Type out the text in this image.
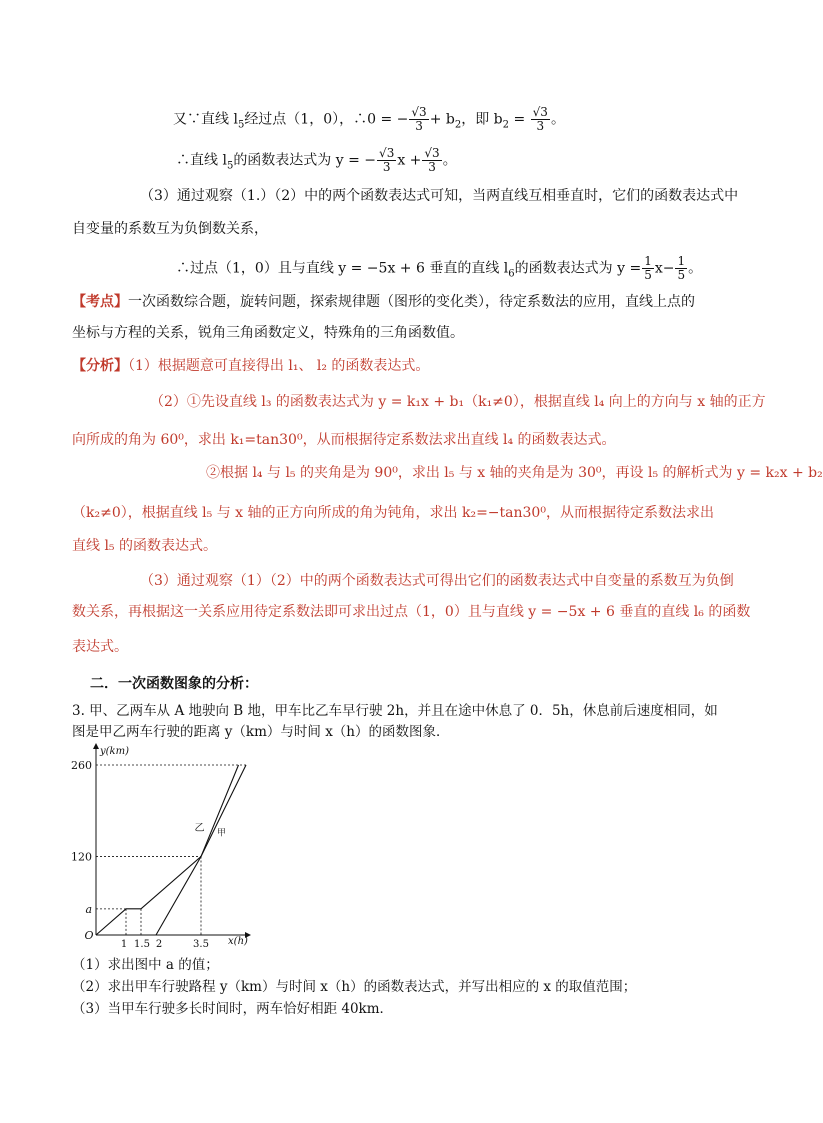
又∵直线 $l_5$经过点（1，0），∴0 = − $\frac{√3}{3} + b_2$，即 $b_2 = \frac{√3}{3}$ 。
∴直线 $l_5$的函数表达式为 y = − $\frac{√3}{3}$ $x + \frac{√3}{3}$ 。
（3）通过观察（1.）（2）中的两个函数表达式可知，当两直线互相垂直时，它们的函数表达式中
自变量的系数互为负倒数关系，
∴过点（1，0）且与直线 y = −5x + 6 垂直的直线 $l_6$的函数表达式为 $y = \frac{1}{5} x- \frac{1}{5}$ 。
【考点】一次函数综合题，旋转问题，探索规律题（图形的变化类），待定系数法的应用，直线上点的
坐标与方程的关系，锐角三角函数定义，特殊角的三角函数值。
【分析】（1）根据题意可直接得出 l₁、 l₂ 的函数表达式。
（2）①先设直线 l₃ 的函数表达式为 y = k₁x + b₁（k₁≠0），根据直线 l₄ 向上的方向与 x 轴的正方
向所成的角为 60⁰，求出 k₁=tan30⁰，从而根据待定系数法求出直线 l₄ 的函数表达式。
②根据 l₄ 与 l₅ 的夹角是为 90⁰，求出 l₅ 与 x 轴的夹角是为 30⁰，再设 l₅ 的解析式为 y = k₂x + b₂
（k₂≠0），根据直线 l₅ 与 x 轴的正方向所成的角为钝角，求出 k₂=−tan30⁰，从而根据待定系数法求出
直线 l₅ 的函数表达式。
（3）通过观察（1）（2）中的两个函数表达式可得出它们的函数表达式中自变量的系数互为负倒
数关系，再根据这一关系应用待定系数法即可求出过点（1，0）且与直线 y = −5x + 6 垂直的直线 l₆ 的函数
表达式。
二．一次函数图象的分析：
3. 甲、乙两车从 A 地驶向 B 地，甲车比乙车早行驶 2h，并且在途中休息了 0．5h，休息前后速度相同，如
图是甲乙两车行驶的距离 y（km）与时间 x（h）的函数图象．
y(km)
x(h)
O
a
120
260
1 1.5 2	3.5
乙 甲
（1）求出图中 a 的值；
（2）求出甲车行驶路程 y（km）与时间 x（h）的函数表达式，并写出相应的 x 的取值范围；
（3）当甲车行驶多长时间时，两车恰好相距 40km．
